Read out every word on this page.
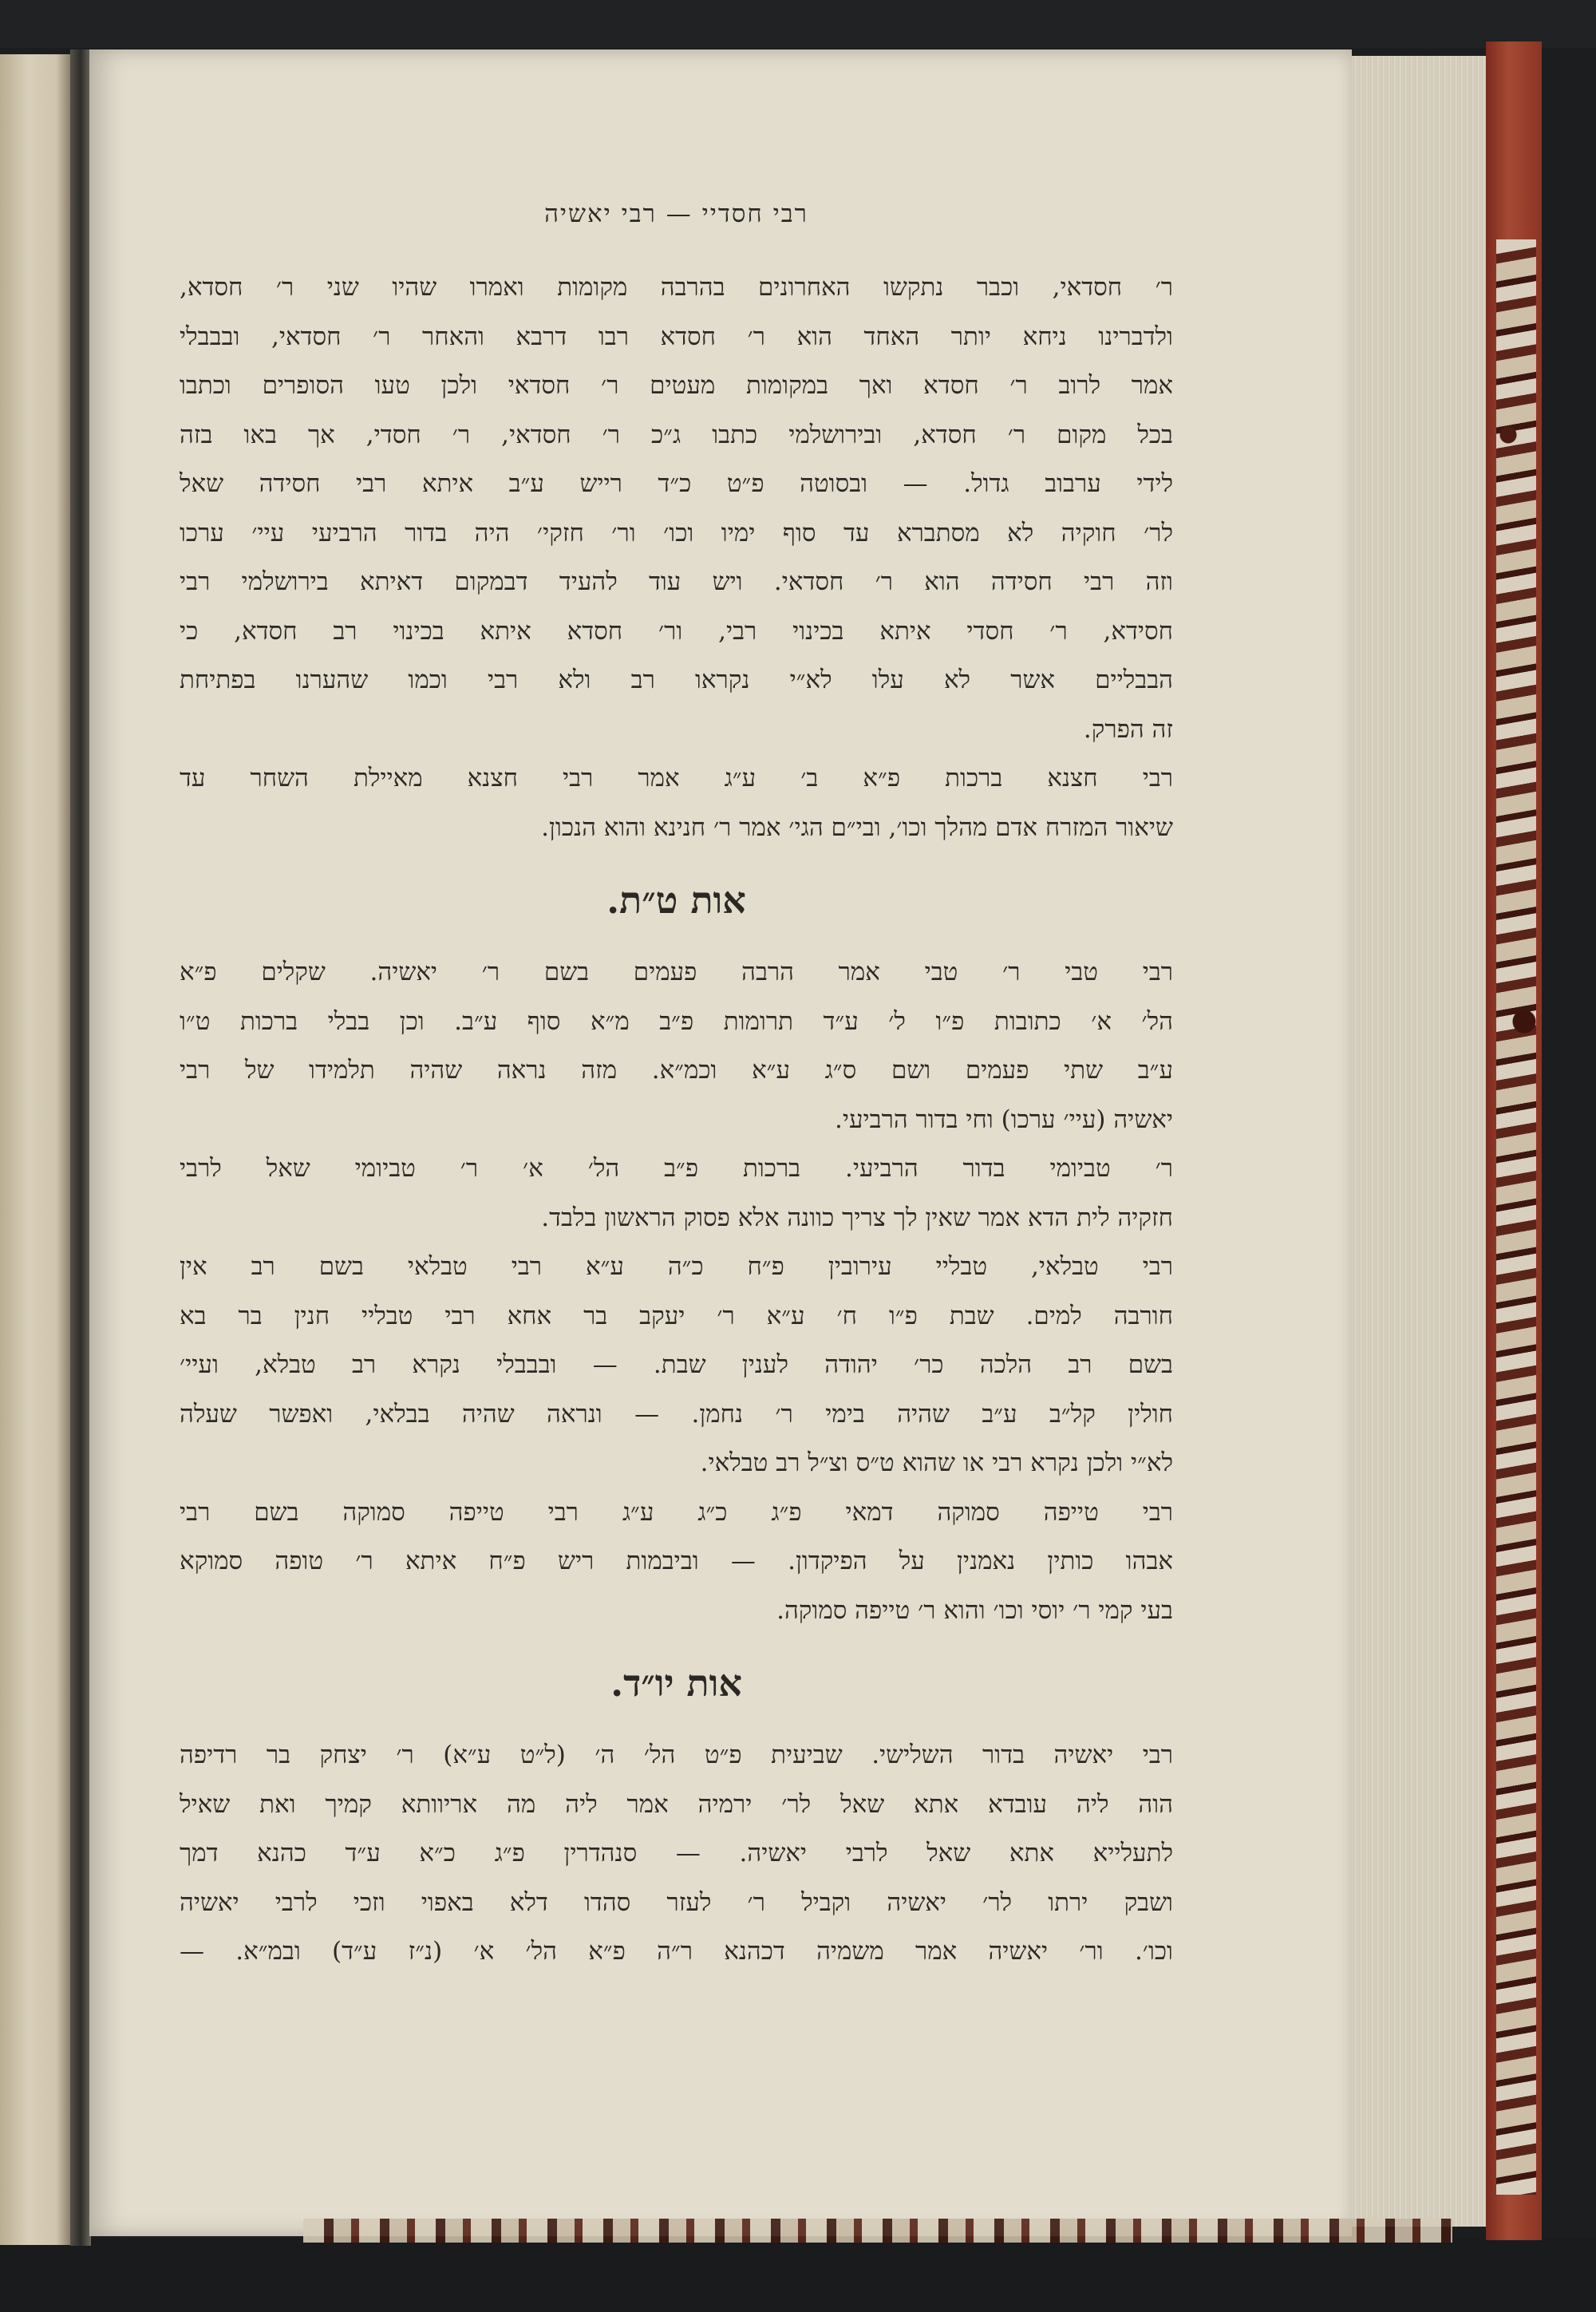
רבי חסדיי — רבי יאשיה
ר׳ חסדאי, וכבר נתקשו האחרונים בהרבה מקומות ואמרו שהיו שני ר׳ חסדא,
ולדברינו ניחא יותר האחד הוא ר׳ חסדא רבו דרבא והאחר ר׳ חסדאי, ובבבלי
אמר לרוב ר׳ חסדא ואך במקומות מעטים ר׳ חסדאי ולכן טעו הסופרים וכתבו
בכל מקום ר׳ חסדא, ובירושלמי כתבו ג״כ ר׳ חסדאי, ר׳ חסדי, אך באו בזה
לידי ערבוב גדול. — ובסוטה פ״ט כ״ד רייש ע״ב איתא רבי חסידה שאל
לר׳ חוקיה לא מסתברא עד סוף ימיו וכו׳ ור׳ חזקי׳ היה בדור הרביעי עיי׳ ערכו
וזה רבי חסידה הוא ר׳ חסדאי. ויש עוד להעיד דבמקום דאיתא בירושלמי רבי
חסידא, ר׳ חסדי איתא בכינוי רבי, ור׳ חסדא איתא בכינוי רב חסדא, כי
הבבליים אשר לא עלו לא״י נקראו רב ולא רבי וכמו שהערנו בפתיחת
זה הפרק.
רבי חצנא ברכות פ״א ב׳ ע״ג אמר רבי חצנא מאיילת השחר עד
שיאור המזרח אדם מהלך וכו׳, ובי״ם הגי׳ אמר ר׳ חנינא והוא הנכון.
אות ט״ת.
רבי טבי ר׳ טבי אמר הרבה פעמים בשם ר׳ יאשיה. שקלים פ״א
הל׳ א׳ כתובות פ״ו ל׳ ע״ד תרומות פ״ב מ״א סוף ע״ב. וכן בבלי ברכות ט״ו
ע״ב שתי פעמים ושם ס״ג ע״א וכמ״א. מזה נראה שהיה תלמידו של רבי
יאשיה (עיי׳ ערכו) וחי בדור הרביעי.
ר׳ טביומי בדור הרביעי. ברכות פ״ב הל׳ א׳ ר׳ טביומי שאל לרבי
חזקיה לית הדא אמר שאין לך צריך כוונה אלא פסוק הראשון בלבד.
רבי טבלאי, טבליי עירובין פ״ח כ״ה ע״א רבי טבלאי בשם רב אין
חורבה למים. שבת פ״ו ח׳ ע״א ר׳ יעקב בר אחא רבי טבליי חנין בר בא
בשם רב הלכה כר׳ יהודה לענין שבת. — ובבבלי נקרא רב טבלא, ועיי׳
חולין קל״ב ע״ב שהיה בימי ר׳ נחמן. — ונראה שהיה בבלאי, ואפשר שעלה
לא״י ולכן נקרא רבי או שהוא ט״ס וצ״ל רב טבלאי.
רבי טייפה סמוקה דמאי פ״ג כ״ג ע״ג רבי טייפה סמוקה בשם רבי
אבהו כותין נאמנין על הפיקדון. — וביבמות ריש פ״ח איתא ר׳ טופה סמוקא
בעי קמי ר׳ יוסי וכו׳ והוא ר׳ טייפה סמוקה.
אות יו״ד.
רבי יאשיה בדור השלישי. שביעית פ״ט הל׳ ה׳ (ל״ט ע״א) ר׳ יצחק בר רדיפה
הוה ליה עובדא אתא שאל לר׳ ירמיה אמר ליה מה אריוותא קמיך ואת שאיל
לתעלייא אתא שאל לרבי יאשיה. — סנהדרין פ״ג כ״א ע״ד כהנא דמך
ושבק ירתו לר׳ יאשיה וקביל ר׳ לעזר סהדו דלא באפוי וזכי לרבי יאשיה
וכו׳. ור׳ יאשיה אמר משמיה דכהנא ר״ה פ״א הל׳ א׳ (נ״ז ע״ד) ובמ״א. —
